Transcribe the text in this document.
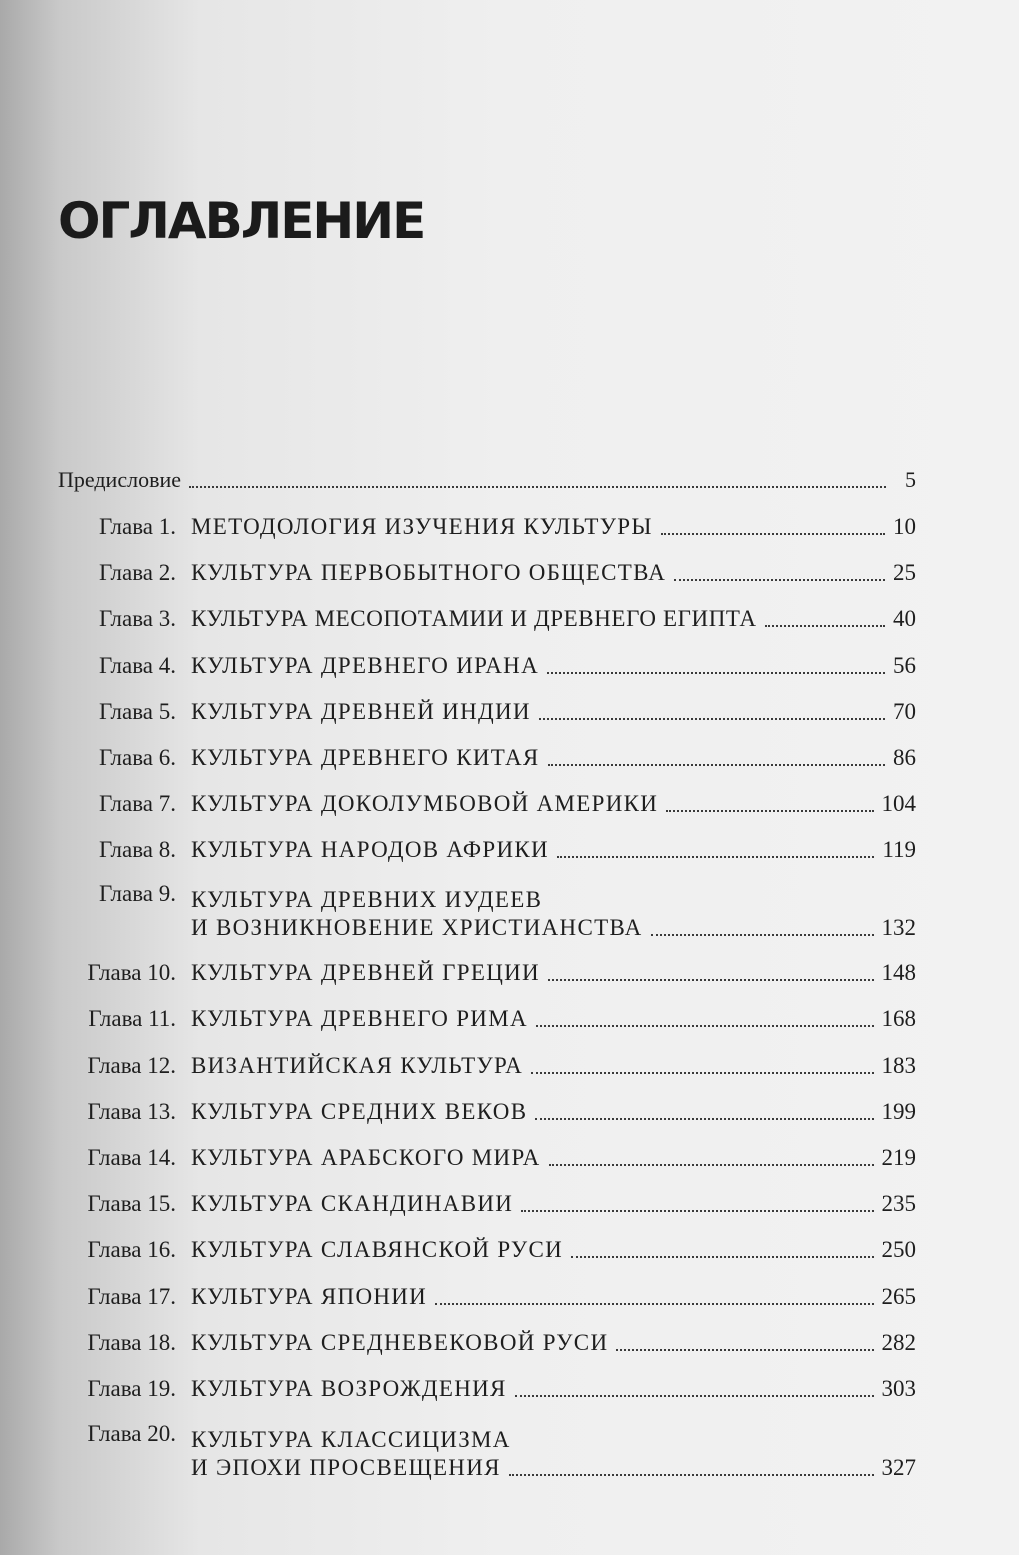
ОГЛАВЛЕНИЕ
Предисловие	5
Глава 1. МЕТОДОЛОГИЯ ИЗУЧЕНИЯ КУЛЬТУРЫ	10
Глава 2. КУЛЬТУРА ПЕРВОБЫТНОГО ОБЩЕСТВА	25
Глава 3. КУЛЬТУРА МЕСОПОТАМИИ И ДРЕВНЕГО ЕГИПТА	40
Глава 4. КУЛЬТУРА ДРЕВНЕГО ИРАНА	56
Глава 5. КУЛЬТУРА ДРЕВНЕЙ ИНДИИ	70
Глава 6. КУЛЬТУРА ДРЕВНЕГО КИТАЯ	86
Глава 7. КУЛЬТУРА ДОКОЛУМБОВОЙ АМЕРИКИ	104
Глава 8. КУЛЬТУРА НАРОДОВ АФРИКИ	119
Глава 9. КУЛЬТУРА ДРЕВНИХ ИУДЕЕВ
И ВОЗНИКНОВЕНИЕ ХРИСТИАНСТВА	132
Глава 10. КУЛЬТУРА ДРЕВНЕЙ ГРЕЦИИ	148
Глава 11. КУЛЬТУРА ДРЕВНЕГО РИМА	168
Глава 12. ВИЗАНТИЙСКАЯ КУЛЬТУРА	183
Глава 13. КУЛЬТУРА СРЕДНИХ ВЕКОВ	199
Глава 14. КУЛЬТУРА АРАБСКОГО МИРА	219
Глава 15. КУЛЬТУРА СКАНДИНАВИИ	235
Глава 16. КУЛЬТУРА СЛАВЯНСКОЙ РУСИ	250
Глава 17. КУЛЬТУРА ЯПОНИИ	265
Глава 18. КУЛЬТУРА СРЕДНЕВЕКОВОЙ РУСИ	282
Глава 19. КУЛЬТУРА ВОЗРОЖДЕНИЯ	303
Глава 20. КУЛЬТУРА КЛАССИЦИЗМА
И ЭПОХИ ПРОСВЕЩЕНИЯ	327
